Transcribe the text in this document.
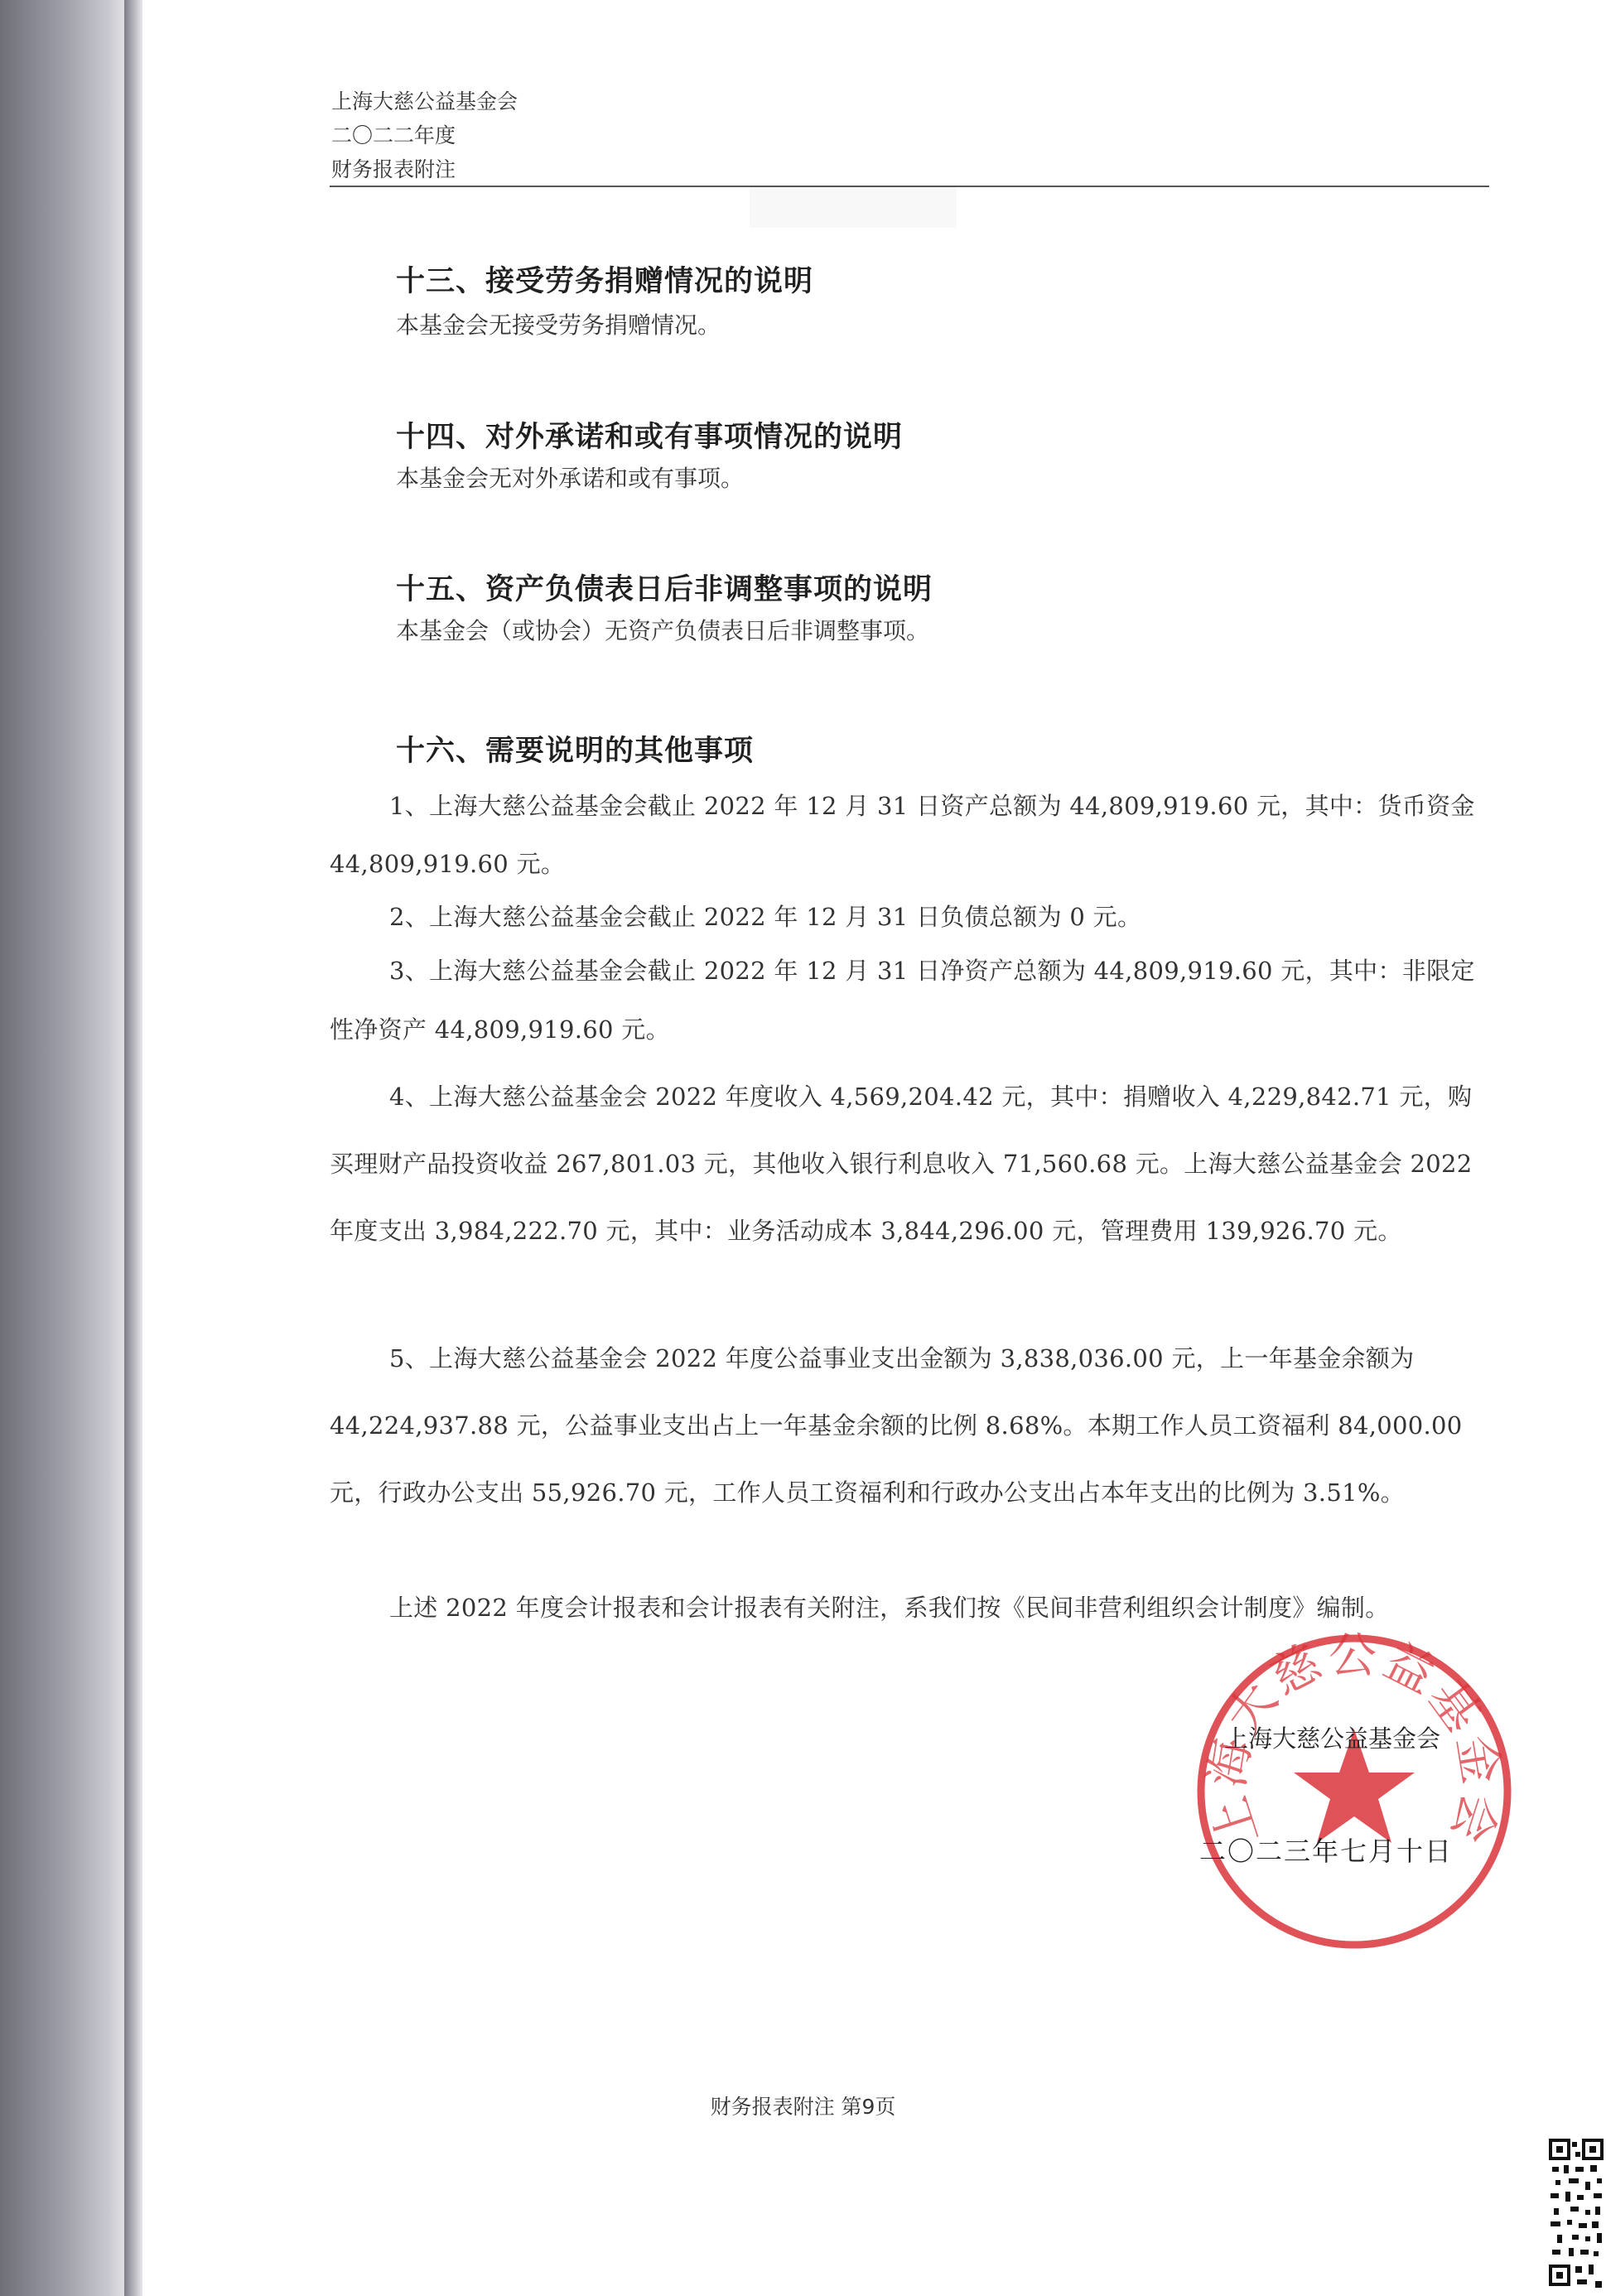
上海大慈公益基金会
二〇二二年度
财务报表附注
十三、接受劳务捐赠情况的说明
本基金会无接受劳务捐赠情况。
十四、对外承诺和或有事项情况的说明
本基金会无对外承诺和或有事项。
十五、资产负债表日后非调整事项的说明
本基金会（或协会）无资产负债表日后非调整事项。
十六、需要说明的其他事项

1、上海大慈公益基金会截止 2022 年 12 月 31 日资产总额为 44,809,919.60 元，其中：货币资金 44,809,919.60 元。

2、上海大慈公益基金会截止 2022 年 12 月 31 日负债总额为 0 元。

3、上海大慈公益基金会截止 2022 年 12 月 31 日净资产总额为 44,809,919.60 元，其中：非限定性净资产 44,809,919.60 元。

4、上海大慈公益基金会 2022 年度收入 4,569,204.42 元，其中：捐赠收入 4,229,842.71 元，购买理财产品投资收益 267,801.03 元，其他收入银行利息收入 71,560.68 元。上海大慈公益基金会 2022 年度支出 3,984,222.70 元，其中：业务活动成本 3,844,296.00 元，管理费用 139,926.70 元。

5、上海大慈公益基金会 2022 年度公益事业支出金额为 3,838,036.00 元，上一年基金余额为 44,224,937.88 元，公益事业支出占上一年基金余额的比例 8.68%。本期工作人员工资福利 84,000.00 元，行政办公支出 55,926.70 元，工作人员工资福利和行政办公支出占本年支出的比例为 3.51%。

上述 2022 年度会计报表和会计报表有关附注，系我们按《民间非营利组织会计制度》编制。

上海大慈公益基金会
上海大慈公益基金会
二〇二三年七月十日
财务报表附注 第9页
